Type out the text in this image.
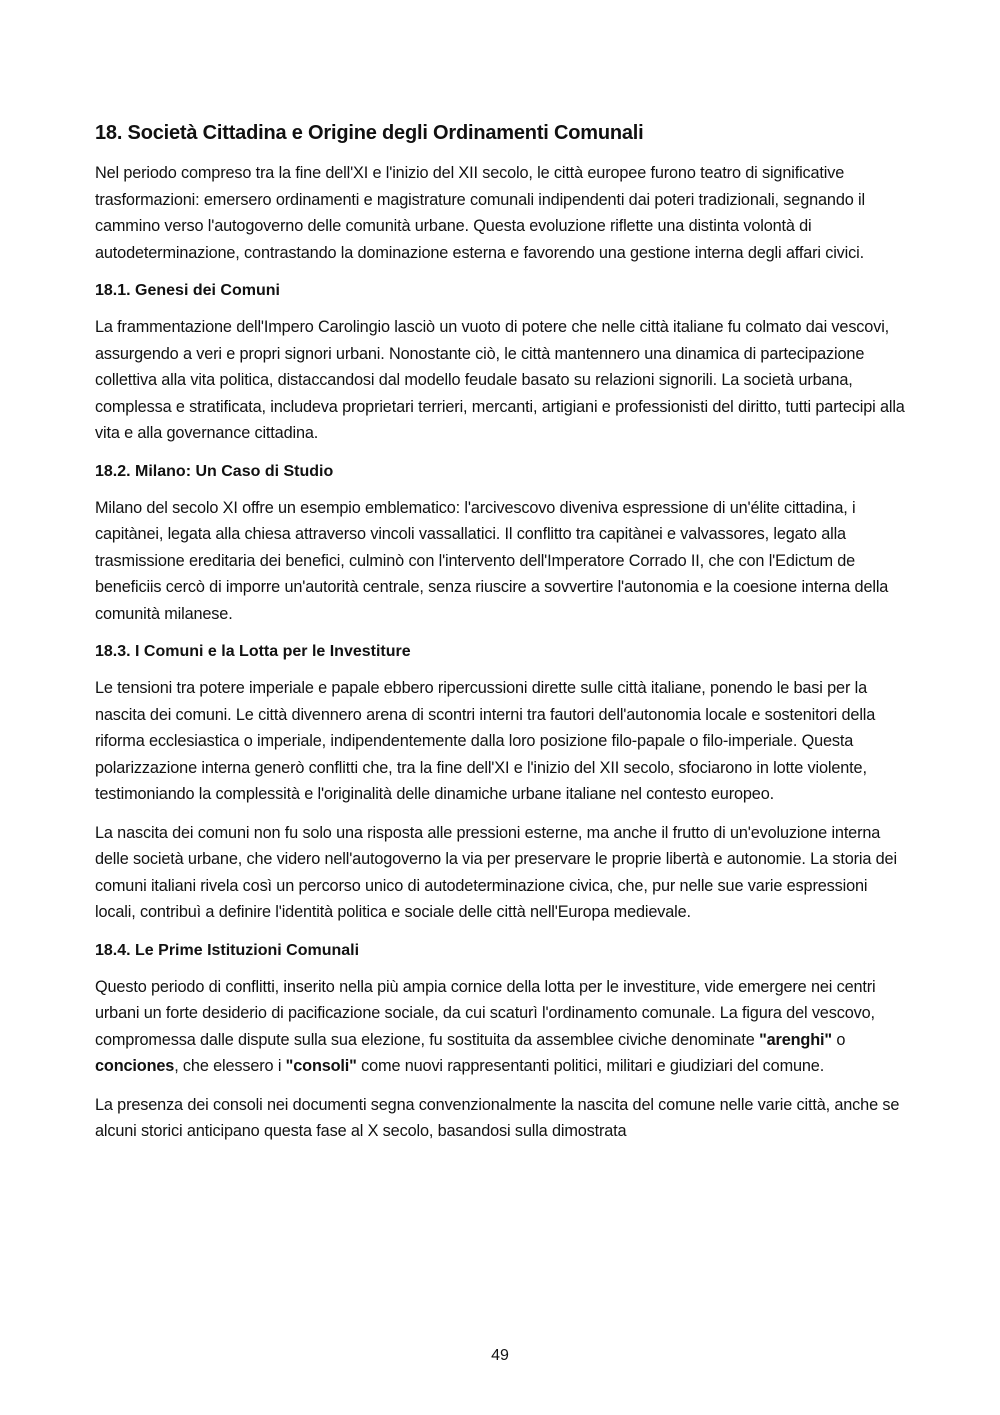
18. Società Cittadina e Origine degli Ordinamenti Comunali

Nel periodo compreso tra la fine dell'XI e l'inizio del XII secolo, le città europee furono teatro di significative trasformazioni: emersero ordinamenti e magistrature comunali indipendenti dai poteri tradizionali, segnando il cammino verso l'autogoverno delle comunità urbane. Questa evoluzione riflette una distinta volontà di autodeterminazione, contrastando la dominazione esterna e favorendo una gestione interna degli affari civici.

18.1. Genesi dei Comuni

La frammentazione dell'Impero Carolingio lasciò un vuoto di potere che nelle città italiane fu colmato dai vescovi, assurgendo a veri e propri signori urbani. Nonostante ciò, le città mantennero una dinamica di partecipazione collettiva alla vita politica, distaccandosi dal modello feudale basato su relazioni signorili. La società urbana, complessa e stratificata, includeva proprietari terrieri, mercanti, artigiani e professionisti del diritto, tutti partecipi alla vita e alla governance cittadina.

18.2. Milano: Un Caso di Studio

Milano del secolo XI offre un esempio emblematico: l'arcivescovo diveniva espressione di un'élite cittadina, i capitànei, legata alla chiesa attraverso vincoli vassallatici. Il conflitto tra capitànei e valvassores, legato alla trasmissione ereditaria dei benefici, culminò con l'intervento dell'Imperatore Corrado II, che con l'Edictum de beneficiis cercò di imporre un'autorità centrale, senza riuscire a sovvertire l'autonomia e la coesione interna della comunità milanese.

18.3. I Comuni e la Lotta per le Investiture

Le tensioni tra potere imperiale e papale ebbero ripercussioni dirette sulle città italiane, ponendo le basi per la nascita dei comuni. Le città divennero arena di scontri interni tra fautori dell'autonomia locale e sostenitori della riforma ecclesiastica o imperiale, indipendentemente dalla loro posizione filo-papale o filo-imperiale. Questa polarizzazione interna generò conflitti che, tra la fine dell'XI e l'inizio del XII secolo, sfociarono in lotte violente, testimoniando la complessità e l'originalità delle dinamiche urbane italiane nel contesto europeo.

La nascita dei comuni non fu solo una risposta alle pressioni esterne, ma anche il frutto di un'evoluzione interna delle società urbane, che videro nell'autogoverno la via per preservare le proprie libertà e autonomie. La storia dei comuni italiani rivela così un percorso unico di autodeterminazione civica, che, pur nelle sue varie espressioni locali, contribuì a definire l'identità politica e sociale delle città nell'Europa medievale.

18.4. Le Prime Istituzioni Comunali

Questo periodo di conflitti, inserito nella più ampia cornice della lotta per le investiture, vide emergere nei centri urbani un forte desiderio di pacificazione sociale, da cui scaturì l'ordinamento comunale. La figura del vescovo, compromessa dalle dispute sulla sua elezione, fu sostituita da assemblee civiche denominate "arenghi" o conciones, che elessero i "consoli" come nuovi rappresentanti politici, militari e giudiziari del comune.

La presenza dei consoli nei documenti segna convenzionalmente la nascita del comune nelle varie città, anche se alcuni storici anticipano questa fase al X secolo, basandosi sulla dimostrata

49
